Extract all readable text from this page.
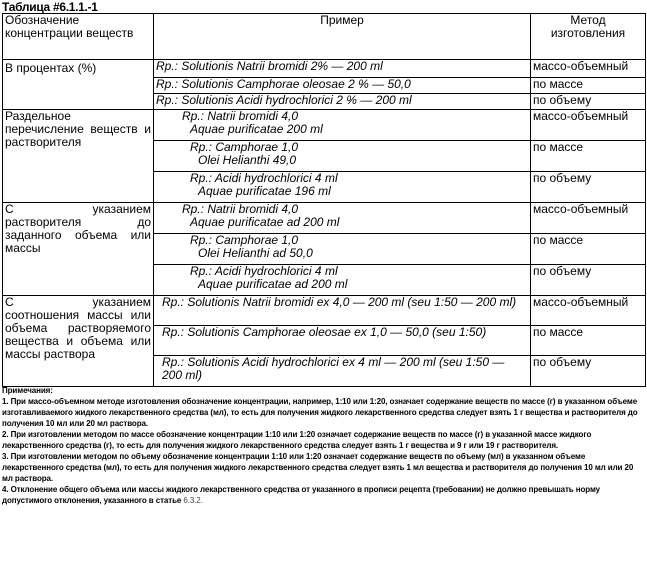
Таблица #6.1.1.-1
Обозначение концентрации веществ	Пример	Метод изготовления
В процентах (%)	Rp.: Solutionis Natrii bromidi 2% — 200 ml	массо-объемный

	Rp.: Solutionis Camphorae oleosae 2 % — 50,0	по массе

	Rp.: Solutionis Acidi hydrochlorici 2 % — 200 ml	по объему
Раздельное перечисление веществ и растворителя	Rp.: Natrii bromidi 4,0
Aquae purificatae 200 ml	массо-объемный

	Rp.: Camphorae 1,0
Olei Helianthi 49,0	по массе

	Rp.: Acidi hydrochlorici 4 ml
Aquae purificatae 196 ml	по объему
С указанием растворителя до заданного объема или массы	Rp.: Natrii bromidi 4,0
Aquae purificatae ad 200 ml	массо-объемный

	Rp.: Camphorae 1,0
Olei Helianthi ad 50,0	по массе

	Rp.: Acidi hydrochlorici 4 ml
Aquae purificatae ad 200 ml	по объему
С указанием соотношения массы или объема растворяемого вещества и объема или массы раствора	Rp.: Solutionis Natrii bromidi ex 4,0 — 200 ml (seu 1:50 — 200 ml)	массо-объемный

	Rp.: Solutionis Camphorae oleosae ex 1,0 — 50,0 (seu 1:50)	по массе
	Rp.: Solutionis Acidi hydrochlorici ex 4 ml — 200 ml (seu 1:50 — 200 ml)	по объему

Примечания:

1. При массо-объемном методе изготовления обозначение концентрации, например, 1:10 или 1:20, означает содержание веществ по массе (г) в указанном объеме изготавливаемого жидкого лекарственного средства (мл), то есть для получения жидкого лекарственного средства следует взять 1 г вещества и растворителя до получения 10 мл или 20 мл раствора.

2. При изготовлении методом по массе обозначение концентрации 1:10 или 1:20 означает содержание веществ по массе (г) в указанной массе жидкого лекарственного средства (г), то есть для получения жидкого лекарственного средства следует взять 1 г вещества и 9 г или 19 г растворителя.

3. При изготовлении методом по объему обозначение концентрации 1:10 или 1:20 означает содержание веществ по объему (мл) в указанном объеме лекарственного средства (мл), то есть для получения жидкого лекарственного средства следует взять 1 мл вещества и растворителя до получения 10 мл или 20 мл раствора.

4. Отклонение общего объема или массы жидкого лекарственного средства от указанного в прописи рецепта (требовании) не должно превышать норму допустимого отклонения, указанного в статье 6.3.2.
